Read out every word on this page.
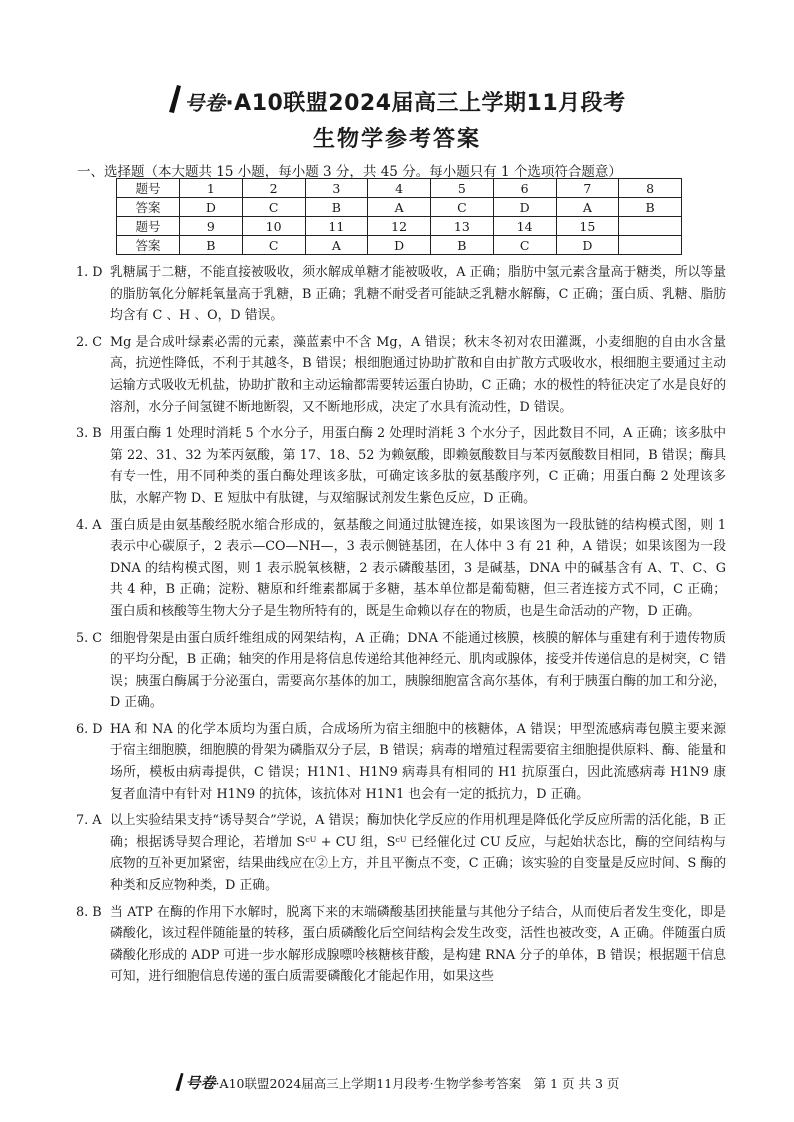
号卷·A10联盟2024届高三上学期11月段考
生物学参考答案
一、选择题（本大题共 15 小题，每小题 3 分，共 45 分。每小题只有 1 个选项符合题意）
题号	1	2	3	4	5	6	7	8
答案	D	C	B	A	C	D	A	B
题号	9	10	11	12	13	14	15	
答案	B	C	A	D	B	C	D	
1. D 乳糖属于二糖，不能直接被吸收，须水解成单糖才能被吸收，A 正确；脂肪中氢元素含量高于糖类，所以等量的脂肪氧化分解耗氧量高于乳糖，B 正确；乳糖不耐受者可能缺乏乳糖水解酶，C 正确；蛋白质、乳糖、脂肪均含有 C 、H 、O，D 错误。
2. C Mg 是合成叶绿素必需的元素，藻蓝素中不含 Mg，A 错误；秋末冬初对农田灌溉，小麦细胞的自由水含量高，抗逆性降低，不利于其越冬，B 错误；根细胞通过协助扩散和自由扩散方式吸收水，根细胞主要通过主动运输方式吸收无机盐，协助扩散和主动运输都需要转运蛋白协助，C 正确；水的极性的特征决定了水是良好的溶剂，水分子间氢键不断地断裂，又不断地形成，决定了水具有流动性，D 错误。
3. B 用蛋白酶 1 处理时消耗 5 个水分子，用蛋白酶 2 处理时消耗 3 个水分子，因此数目不同，A 正确；该多肽中第 22、31、32 为苯丙氨酸，第 17、18、52 为赖氨酸，即赖氨酸数目与苯丙氨酸数目相同，B 错误；酶具有专一性，用不同种类的蛋白酶处理该多肽，可确定该多肽的氨基酸序列，C 正确；用蛋白酶 2 处理该多肽，水解产物 D、E 短肽中有肽键，与双缩脲试剂发生紫色反应，D 正确。
4. A 蛋白质是由氨基酸经脱水缩合形成的，氨基酸之间通过肽键连接，如果该图为一段肽链的结构模式图，则 1 表示中心碳原子，2 表示—CO—NH—，3 表示侧链基团，在人体中 3 有 21 种，A 错误；如果该图为一段 DNA 的结构模式图，则 1 表示脱氧核糖，2 表示磷酸基团，3 是碱基，DNA 中的碱基含有 A、T、C、G 共 4 种，B 正确；淀粉、糖原和纤维素都属于多糖，基本单位都是葡萄糖，但三者连接方式不同，C 正确；蛋白质和核酸等生物大分子是生物所特有的，既是生命赖以存在的物质，也是生命活动的产物，D 正确。
5. C 细胞骨架是由蛋白质纤维组成的网架结构，A 正确；DNA 不能通过核膜，核膜的解体与重建有利于遗传物质的平均分配，B 正确；轴突的作用是将信息传递给其他神经元、肌肉或腺体，接受并传递信息的是树突，C 错误；胰蛋白酶属于分泌蛋白，需要高尔基体的加工，胰腺细胞富含高尔基体，有利于胰蛋白酶的加工和分泌，D 正确。
6. D HA 和 NA 的化学本质均为蛋白质，合成场所为宿主细胞中的核糖体，A 错误；甲型流感病毒包膜主要来源于宿主细胞膜，细胞膜的骨架为磷脂双分子层，B 错误；病毒的增殖过程需要宿主细胞提供原料、酶、能量和场所，模板由病毒提供，C 错误；H1N1、H1N9 病毒具有相同的 H1 抗原蛋白，因此流感病毒 H1N9 康复者血清中有针对 H1N9 的抗体，该抗体对 H1N1 也会有一定的抵抗力，D 正确。
7. A 以上实验结果支持“诱导契合”学说，A 错误；酶加快化学反应的作用机理是降低化学反应所需的活化能，B 正确；根据诱导契合理论，若增加 Sᶜᵁ + CU 组，Sᶜᵁ 已经催化过 CU 反应，与起始状态比，酶的空间结构与底物的互补更加紧密，结果曲线应在②上方，并且平衡点不变，C 正确；该实验的自变量是反应时间、S 酶的种类和反应物种类，D 正确。
8. B 当 ATP 在酶的作用下水解时，脱离下来的末端磷酸基团挟能量与其他分子结合，从而使后者发生变化，即是磷酸化，该过程伴随能量的转移，蛋白质磷酸化后空间结构会发生改变，活性也被改变，A 正确。伴随蛋白质磷酸化形成的 ADP 可进一步水解形成腺嘌呤核糖核苷酸，是构建 RNA 分子的单体，B 错误；根据题干信息可知，进行细胞信息传递的蛋白质需要磷酸化才能起作用，如果这些
号卷·A10联盟2024届高三上学期11月段考·生物学参考答案　第 1 页 共 3 页
